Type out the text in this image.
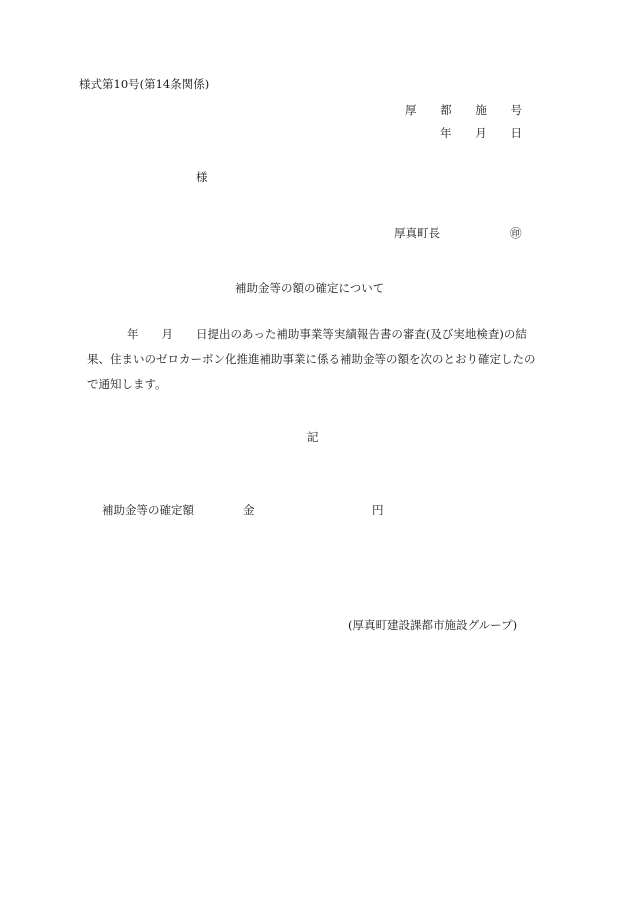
様式第10号(第14条関係)
厚 都 施 号
年 月 日
様
厚真町長	㊞
補助金等の額の確定について
年 月 日提出のあった補助事業等実績報告書の審査(及び実地検査)の結
果、住まいのゼロカーボン化推進補助事業に係る補助金等の額を次のとおり確定したの
で通知します。
記
補助金等の確定額	金	円
(厚真町建設課都市施設グループ)
